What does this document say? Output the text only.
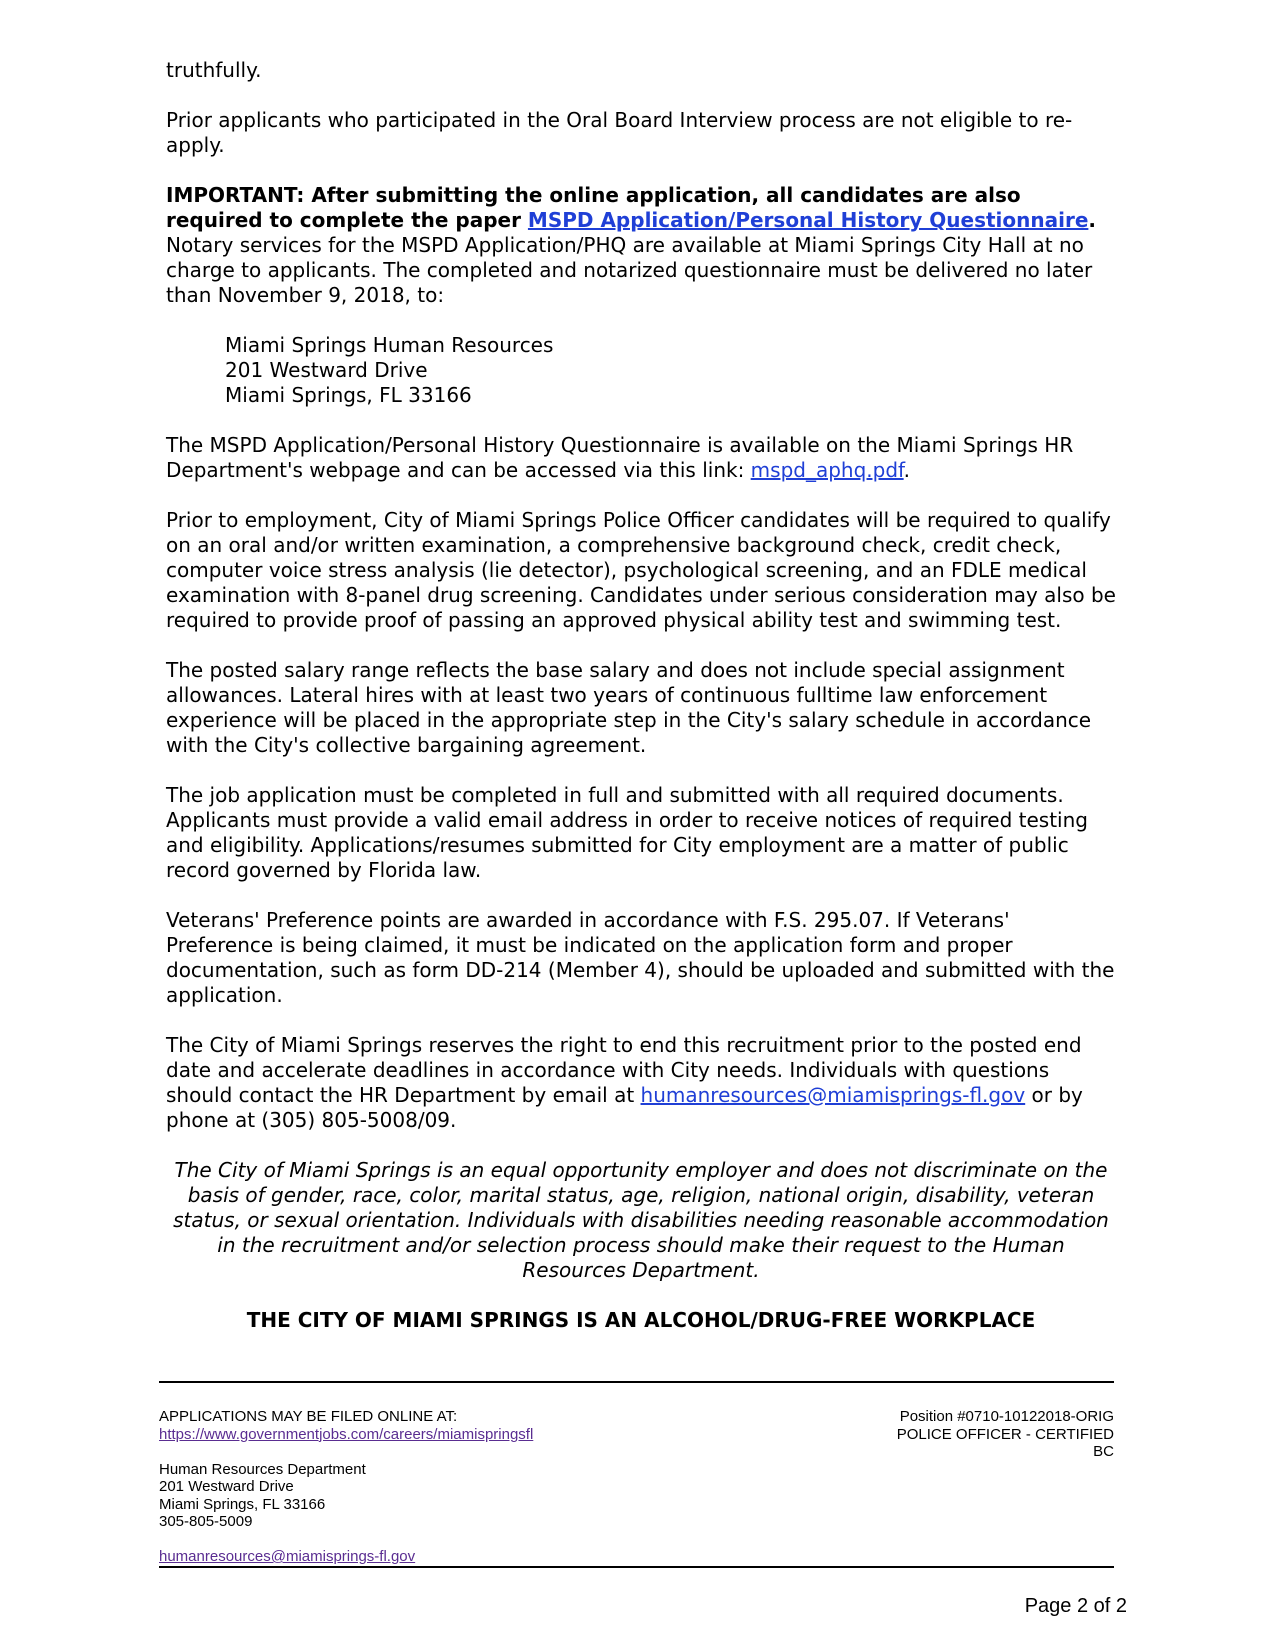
truthfully.

Prior applicants who participated in the Oral Board Interview process are not eligible to re-apply.

IMPORTANT: After submitting the online application, all candidates are also required to complete the paper MSPD Application/Personal History Questionnaire. Notary services for the MSPD Application/PHQ are available at Miami Springs City Hall at no charge to applicants. The completed and notarized questionnaire must be delivered no later than November 9, 2018, to:

Miami Springs Human Resources
201 Westward Drive
Miami Springs, FL 33166

The MSPD Application/Personal History Questionnaire is available on the Miami Springs HR Department's webpage and can be accessed via this link: mspd_aphq.pdf.

Prior to employment, City of Miami Springs Police Officer candidates will be required to qualify on an oral and/or written examination, a comprehensive background check, credit check, computer voice stress analysis (lie detector), psychological screening, and an FDLE medical examination with 8-panel drug screening. Candidates under serious consideration may also be required to provide proof of passing an approved physical ability test and swimming test.

The posted salary range reflects the base salary and does not include special assignment allowances. Lateral hires with at least two years of continuous fulltime law enforcement experience will be placed in the appropriate step in the City's salary schedule in accordance with the City's collective bargaining agreement.

The job application must be completed in full and submitted with all required documents. Applicants must provide a valid email address in order to receive notices of required testing and eligibility. Applications/resumes submitted for City employment are a matter of public record governed by Florida law.

Veterans' Preference points are awarded in accordance with F.S. 295.07. If Veterans' Preference is being claimed, it must be indicated on the application form and proper documentation, such as form DD-214 (Member 4), should be uploaded and submitted with the application.

The City of Miami Springs reserves the right to end this recruitment prior to the posted end date and accelerate deadlines in accordance with City needs. Individuals with questions should contact the HR Department by email at humanresources@miamisprings-fl.gov or by phone at (305) 805-5008/09.

The City of Miami Springs is an equal opportunity employer and does not discriminate on the basis of gender, race, color, marital status, age, religion, national origin, disability, veteran status, or sexual orientation. Individuals with disabilities needing reasonable accommodation in the recruitment and/or selection process should make their request to the Human Resources Department.

THE CITY OF MIAMI SPRINGS IS AN ALCOHOL/DRUG-FREE WORKPLACE

APPLICATIONS MAY BE FILED ONLINE AT:
https://www.governmentjobs.com/careers/miamispringsfl
Human Resources Department
201 Westward Drive
Miami Springs, FL 33166
305-805-5009
humanresources@miamisprings-fl.gov
Position #0710-10122018-ORIG
POLICE OFFICER - CERTIFIED
BC
Page 2 of 2
